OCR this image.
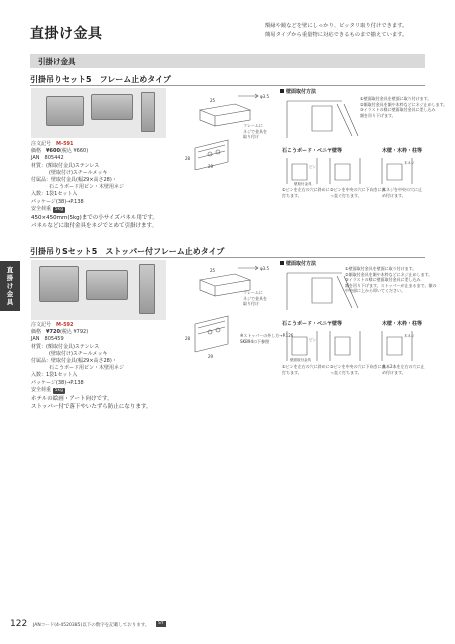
直掛け金具	額縁や鏡などを壁にしっかり、ピッタリ取り付けできます。
簡易タイプから重量物に対応できるものまで揃えています。
引掛け金具
直掛け金具
引掛吊りセット5　フレーム止めタイプ
注文記号　 M-591
価格　 ¥600(税込 ¥660)
JAN　805442
材質：(額取付金具)ステンレス
(壁取付け)スチールメッキ
付属品：壁取付金具(幅29×高さ28)・
石こうボード用ピン・木壁用ネジ
入数：1袋1セット入
パッケージ(38)→P.138
安全荷重 5kg
450×450mm(5kg)までの小サイズパネル用です。
パネルなどに取付金具をネジでとめて引掛けます。
25
φ3.5
28
29
フレームに
ネジで金具を
取り付け
壁面取付方法
①壁面取付金具を壁面に取り付けます。
②額取付金具を額や木枠などにネジ止めします。
③イラストの様に壁面取付金具に差し込み
額を吊り下げます。
石こうボード・ベニヤ壁等	木壁・木枠・柱等
ピン
壁取付金具
木ネジ
①ピンを左右の穴に斜めに
打ちます。
②ピンを中央の穴に下向きに真
っ直ぐ打ちます。
木ネジを中央の穴に止
め付けます。
引掛吊りSセット5　ストッパー付フレーム止めタイプ
注文記号　 M-592
価格　 ¥720(税込 ¥792)
JAN　805459
材質：(額取付金具)ステンレス
(壁取付け)スチールメッキ
付属品：壁取付金具(幅29×高さ28)・
石こうボード用ピン・木壁用ネジ
入数：1袋1セット入
パッケージ(38)→P.138
安全荷重 5kg
ホテルの絵画・アート向けです。
ストッパー付で落下やいたずら防止になります。
25	φ3.5
28
29
フレームに
ネジで金具を
取り付け
※ストッパーの外し方→P.126
SKB94の下参照
壁面取付方法
①壁面取付金具を壁面に取り付けます。
②額取付金具を額や木枠などにネジ止めします。
③イラストの様に壁面取付金具に差し込み
額を吊り下げます。ストッパーが止まるまで、額の
中央部に上から叩いてください。
石こうボード・ベニヤ壁等	木壁・木枠・柱等
ピン
壁面取付金具
木ネジ
①ピンを左右の穴に斜めに
打ちます。
②ピンを中央の穴に下向きに真
っ直ぐ打ちます。
基本2本を左右の穴に止
め付けます。
122 JANコード(4-4520385)以下の数字を記載しております。	SY
